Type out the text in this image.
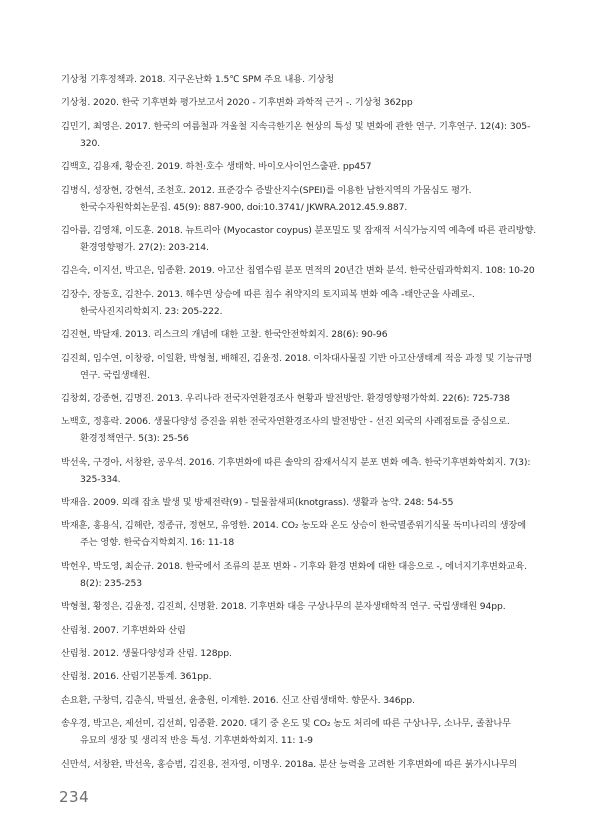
기상청 기후정책과. 2018. 지구온난화 1.5℃ SPM 주요 내용. 기상청
기상청. 2020. 한국 기후변화 평가보고서 2020 - 기후변화 과학적 근거 -. 기상청 362pp
김민기, 최영은. 2017. 한국의 여름철과 겨울철 지속극한기온 현상의 특성 및 변화에 관한 연구. 기후연구. 12(4): 305-320.
김백호, 김용재, 황순진. 2019. 하천·호수 생태학. 바이오사이언스출판. pp457
김병식, 성장현, 강현석, 조천호. 2012. 표준강수 증발산지수(SPEI)를 이용한 남한지역의 가뭄심도 평가. 한국수자원학회논문집. 45(9): 887-900, doi:10.3741/ JKWRA.2012.45.9.887.
김아름, 김영채, 이도훈. 2018. 뉴트리아 (Myocastor coypus) 분포밀도 및 잠재적 서식가능지역 예측에 따른 관리방향. 환경영향평가. 27(2): 203-214.
김은숙, 이지선, 박고은, 임종환. 2019. 아고산 침엽수림 분포 면적의 20년간 변화 분석. 한국산림과학회지. 108: 10-20
김장수, 장동호, 김찬수. 2013. 해수면 상승에 따른 침수 취약지의 토지피복 변화 예측 -태안군을 사례로-. 한국사진지리학회지. 23: 205-222.
김진현, 박달재. 2013. 리스크의 개념에 대한 고찰. 한국안전학회지. 28(6): 90-96
김진희, 임수연, 이창광, 이일환, 박형철, 배해진, 김윤정. 2018. 이차대사물질 기반 아고산생태계 적응 과정 및 기능규명 연구. 국립생태원.
김창회, 강종현, 김명진. 2013. 우리나라 전국자연환경조사 현황과 발전방안. 환경영향평가학회. 22(6): 725-738
노백호, 정흥락. 2006. 생물다양성 증진을 위한 전국자연환경조사의 발전방안 - 선진 외국의 사례점토를 중심으로. 환경정책연구. 5(3): 25-56
박선욱, 구경아, 서창완, 공우석. 2016. 기후변화에 따른 솔악의 잠재서식지 분포 변화 예측. 한국기후변화학회지. 7(3): 325-334.
박재읍. 2009. 외래 잡초 발생 및 방제전략(9) - 털물참새피(knotgrass). 생활과 농약. 248: 54-55
박재훈, 홍용식, 김해란, 정종규, 정현모, 유영한. 2014. CO₂ 농도와 온도 상승이 한국멸종위기식물 독미나리의 생장에 주는 영향. 한국습지학회지. 16: 11-18
박헌우, 박도영, 최순규. 2018. 한국에서 조류의 분포 변화 - 기후와 환경 변화에 대한 대응으로 -, 에너지기후변화교육. 8(2): 235-253
박형철, 황정은, 김윤정, 김진희, 신명환. 2018. 기후변화 대응 구상나무의 분자생태학적 연구. 국립생태원 94pp.
산림청. 2007. 기후변화와 산림
산림청. 2012. 생물다양성과 산림. 128pp.
산림청. 2016. 산림기본통계. 361pp.
손요환, 구창덕, 김춘식, 박필선, 윤충원, 이계한. 2016. 신고 산림생태학. 향문사. 346pp.
송우경, 박고은, 제선미, 김선희, 임종환. 2020. 대기 중 온도 및 CO₂ 농도 처리에 따른 구상나무, 소나무, 졸참나무 유묘의 생장 및 생리적 반응 특성. 기후변화학회지. 11: 1-9
신만석, 서창완, 박선욱, 홍승범, 김진용, 전자영, 이명우. 2018a. 분산 능력을 고려한 기후변화에 따른 붉가시나무의
234
